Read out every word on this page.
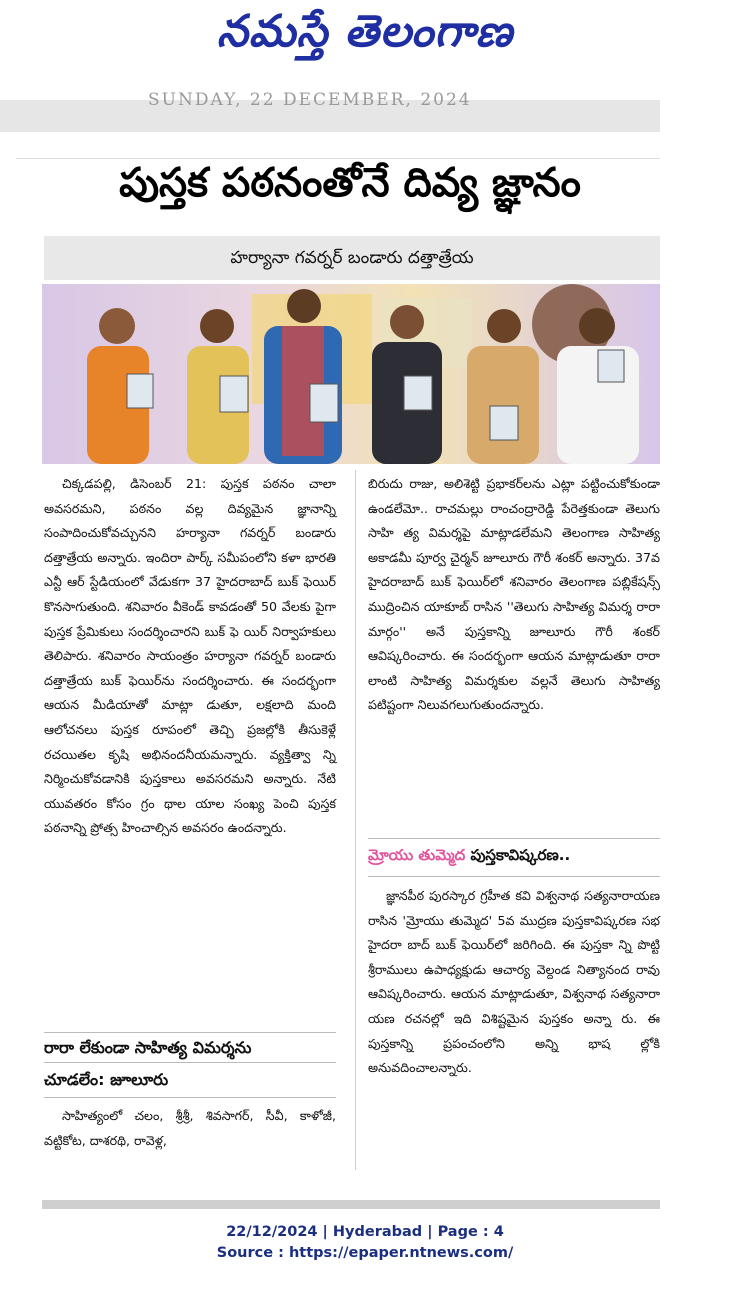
నమస్తే తెలంగాణ
SUNDAY, 22 DECEMBER, 2024
పుస్తక పఠనంతోనే దివ్య జ్ఞానం
హర్యానా గవర్నర్ బండారు దత్తాత్రేయ

చిక్కడపల్లి, డిసెంబర్ 21: పుస్తక పఠనం చాలా అవసరమని, పఠనం వల్ల దివ్యమైన జ్ఞానాన్ని సంపాదించుకోవచ్చునని హర్యానా గవర్నర్ బండారు దత్తాత్రేయ అన్నారు. ఇందిరా పార్క్ సమీపంలోని కళా భారతి ఎన్టీ ఆర్ స్టేడియంలో వేడుకగా 37 హైదరాబాద్ బుక్ ఫెయిర్ కొనసాగుతుంది. శనివారం వీకెండ్ కావడంతో 50 వేలకు పైగా పుస్తక ప్రేమికులు సందర్శించారని బుక్ ఫె యిర్ నిర్వాహకులు తెలిపారు. శనివారం సాయంత్రం హర్యానా గవర్నర్ బండారు దత్తాత్రేయ బుక్ ఫెయిర్‌ను సందర్శించారు. ఈ సందర్భంగా ఆయన మీడియాతో మాట్లా డుతూ, లక్షలాది మంది ఆలోచనలు పుస్తక రూపంలో తెచ్చి ప్రజల్లోకి తీసుకెళ్లే రచయితల కృషి అభినందనీయమన్నారు. వ్యక్తిత్వా న్ని నిర్మించుకోవడానికి పుస్తకాలు అవసరమని అన్నారు. నేటి యువతరం కోసం గ్రం థాల యాల సంఖ్య పెంచి పుస్తక పఠనాన్ని ప్రోత్స హించాల్సిన అవసరం ఉందన్నారు.

రారా లేకుండా సాహిత్య విమర్శను
చూడలేం: జూలూరు

సాహిత్యంలో చలం, శ్రీశ్రీ, శివసాగర్, సీవీ, కాళోజీ, వట్టికోట, దాశరథి, రావెళ్ల,

బిరుదు రాజు, అలిశెట్టి ప్రభాకర్‌లను ఎట్లా పట్టించుకోకుండా ఉండలేమో.. రాచమల్లు రాంచంద్రారెడ్డి పేరెత్తకుండా తెలుగు సాహి త్య విమర్శపై మాట్లాడలేమని తెలంగాణ సాహిత్య అకాడమీ పూర్వ చైర్మన్ జూలూరు గౌరీ శంకర్ అన్నారు. 37వ హైదరాబాద్ బుక్ ఫెయిర్‌లో శనివారం తెలంగాణ పబ్లికేషన్స్ ముద్రించిన యాకూబ్ రాసిన ''తెలుగు సాహిత్య విమర్శ రారా మార్గం'' అనే పుస్తకాన్ని జూలూరు గౌరీ శంకర్ ఆవిష్కరించారు. ఈ సందర్భంగా ఆయన మాట్లాడుతూ రారా లాంటి సాహిత్య విమర్శకుల వల్లనే తెలుగు సాహిత్య పటిష్టంగా నిలువగలుగుతుందన్నారు.

మ్రోయు తుమ్మెద పుస్తకావిష్కరణ..

జ్ఞానపీఠ పురస్కార గ్రహీత కవి విశ్వనాథ సత్యనారాయణ రాసిన 'మ్రోయు తుమ్మెద' 5వ ముద్రణ పుస్తకావిష్కరణ సభ హైదరా బాద్ బుక్ ఫెయిర్‌లో జరిగింది. ఈ పుస్తకా న్ని పొట్టి శ్రీరాములు ఉపాధ్యక్షుడు ఆచార్య వెల్దండ నిత్యానంద రావు ఆవిష్కరించారు. ఆయన మాట్లాడుతూ, విశ్వనాథ సత్యనారా యణ రచనల్లో ఇది విశిష్టమైన పుస్తకం అన్నా రు. ఈ పుస్తకాన్ని ప్రపంచంలోని అన్ని భాష ల్లోకి అనువదించాలన్నారు.

22/12/2024 | Hyderabad | Page : 4
Source : https://epaper.ntnews.com/
